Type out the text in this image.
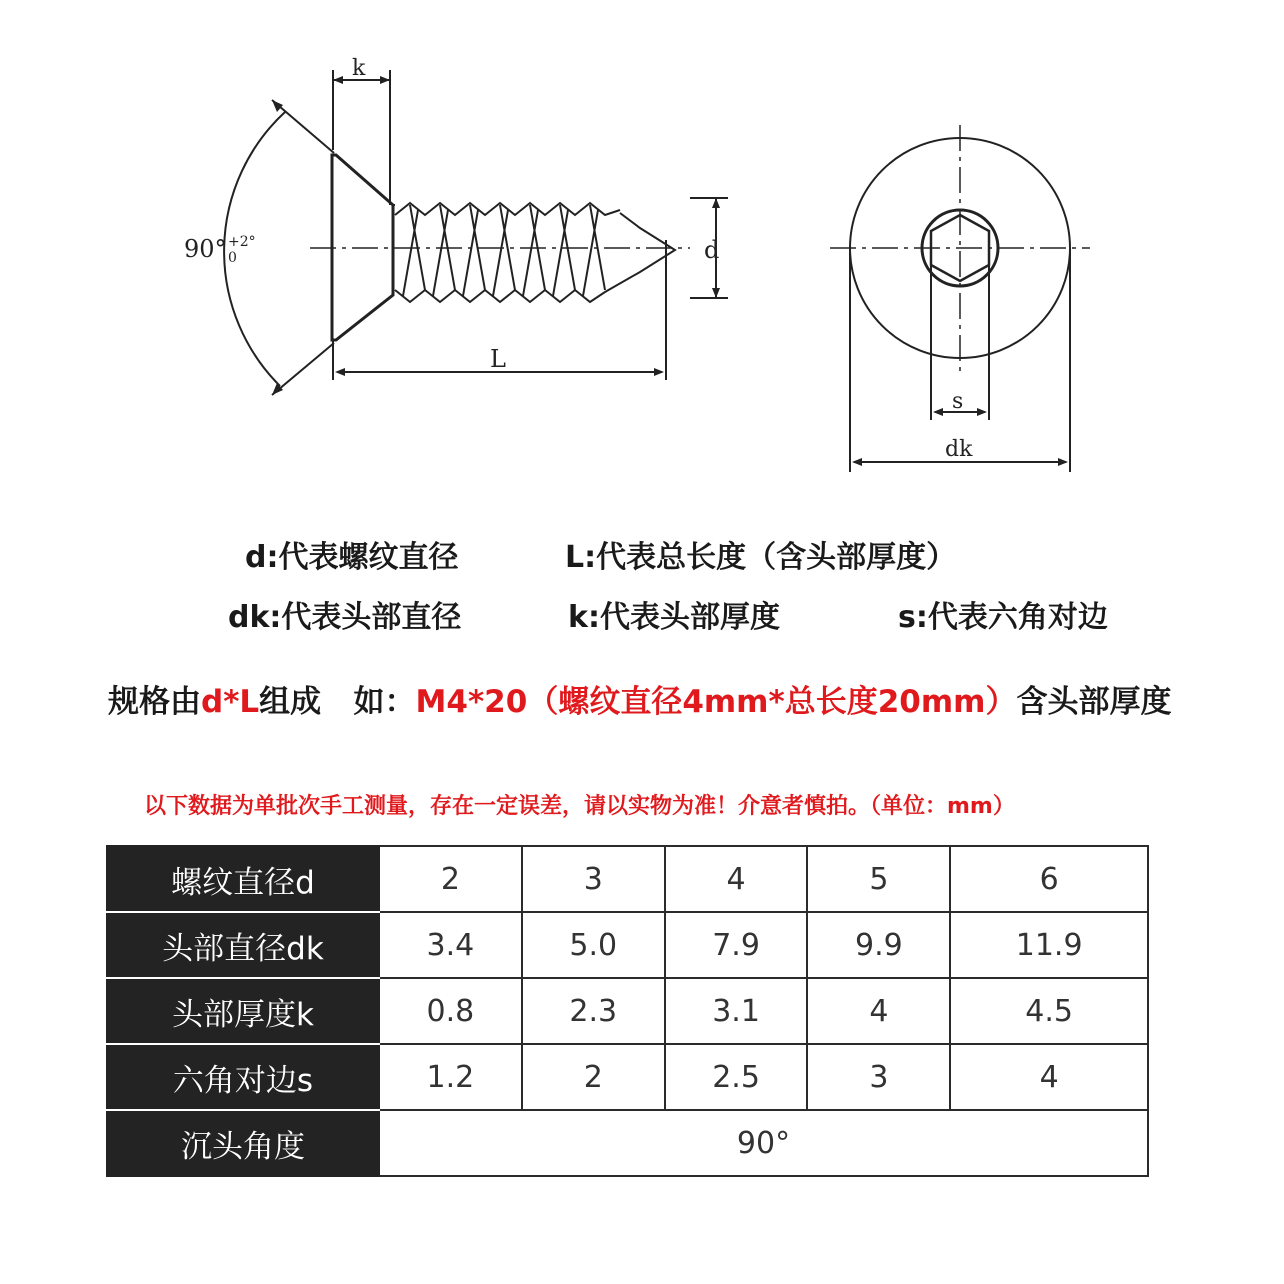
k
d
L
90° +2°
0
s
dk
d:代表螺纹直径	L:代表总长度（含头部厚度）
dk:代表头部直径	k:代表头部厚度	s:代表六角对边
规格由d*L组成   如：M4*20（螺纹直径4mm*总长度20mm）含头部厚度
以下数据为单批次手工测量，存在一定误差，请以实物为准！介意者慎拍。（单位：mm）
螺纹直径d	2	3	4	5	6
头部直径dk	3.4	5.0	7.9	9.9	11.9
头部厚度k	0.8	2.3	3.1	4	4.5
六角对边s	1.2	2	2.5	3	4
沉头角度	90°				
